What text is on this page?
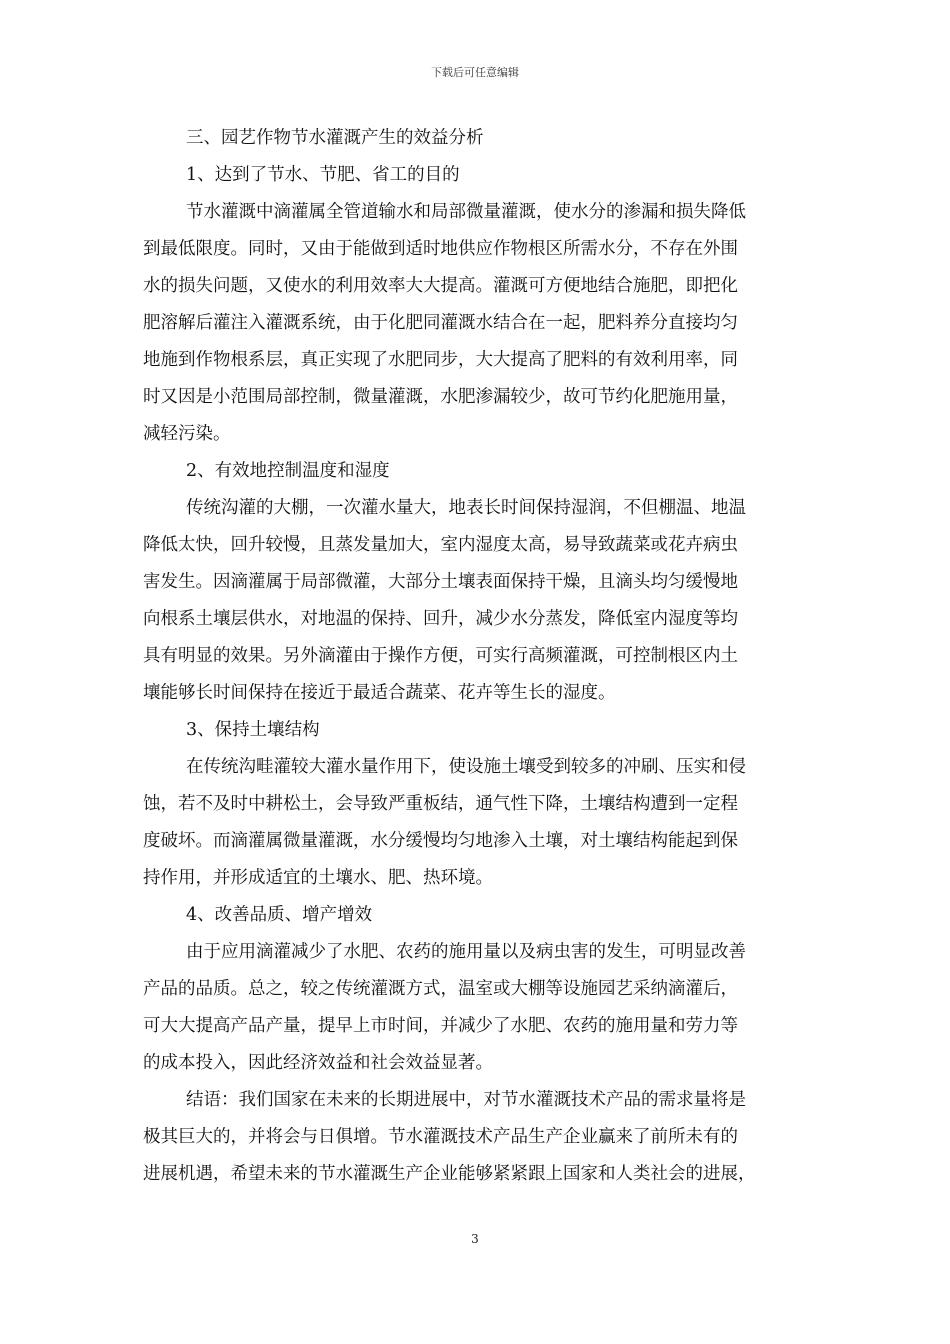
下载后可任意编辑
三、园艺作物节水灌溉产生的效益分析
1、达到了节水、节肥、省工的目的
节水灌溉中滴灌属全管道输水和局部微量灌溉，使水分的渗漏和损失降低
到最低限度。同时，又由于能做到适时地供应作物根区所需水分，不存在外围
水的损失问题，又使水的利用效率大大提高。灌溉可方便地结合施肥，即把化
肥溶解后灌注入灌溉系统，由于化肥同灌溉水结合在一起，肥料养分直接均匀
地施到作物根系层，真正实现了水肥同步，大大提高了肥料的有效利用率，同
时又因是小范围局部控制，微量灌溉，水肥渗漏较少，故可节约化肥施用量，
减轻污染。
2、有效地控制温度和湿度
传统沟灌的大棚，一次灌水量大，地表长时间保持湿润，不但棚温、地温
降低太快，回升较慢，且蒸发量加大，室内湿度太高，易导致蔬菜或花卉病虫
害发生。因滴灌属于局部微灌，大部分土壤表面保持干燥，且滴头均匀缓慢地
向根系土壤层供水，对地温的保持、回升，减少水分蒸发，降低室内湿度等均
具有明显的效果。另外滴灌由于操作方便，可实行高频灌溉，可控制根区内土
壤能够长时间保持在接近于最适合蔬菜、花卉等生长的湿度。
3、保持土壤结构
在传统沟畦灌较大灌水量作用下，使设施土壤受到较多的冲刷、压实和侵
蚀，若不及时中耕松土，会导致严重板结，通气性下降，土壤结构遭到一定程
度破坏。而滴灌属微量灌溉，水分缓慢均匀地渗入土壤，对土壤结构能起到保
持作用，并形成适宜的土壤水、肥、热环境。
4、改善品质、增产增效
由于应用滴灌减少了水肥、农药的施用量以及病虫害的发生，可明显改善
产品的品质。总之，较之传统灌溉方式，温室或大棚等设施园艺采纳滴灌后，
可大大提高产品产量，提早上市时间，并减少了水肥、农药的施用量和劳力等
的成本投入，因此经济效益和社会效益显著。
结语：我们国家在未来的长期进展中，对节水灌溉技术产品的需求量将是
极其巨大的，并将会与日俱增。节水灌溉技术产品生产企业赢来了前所未有的
进展机遇，希望未来的节水灌溉生产企业能够紧紧跟上国家和人类社会的进展，
3
